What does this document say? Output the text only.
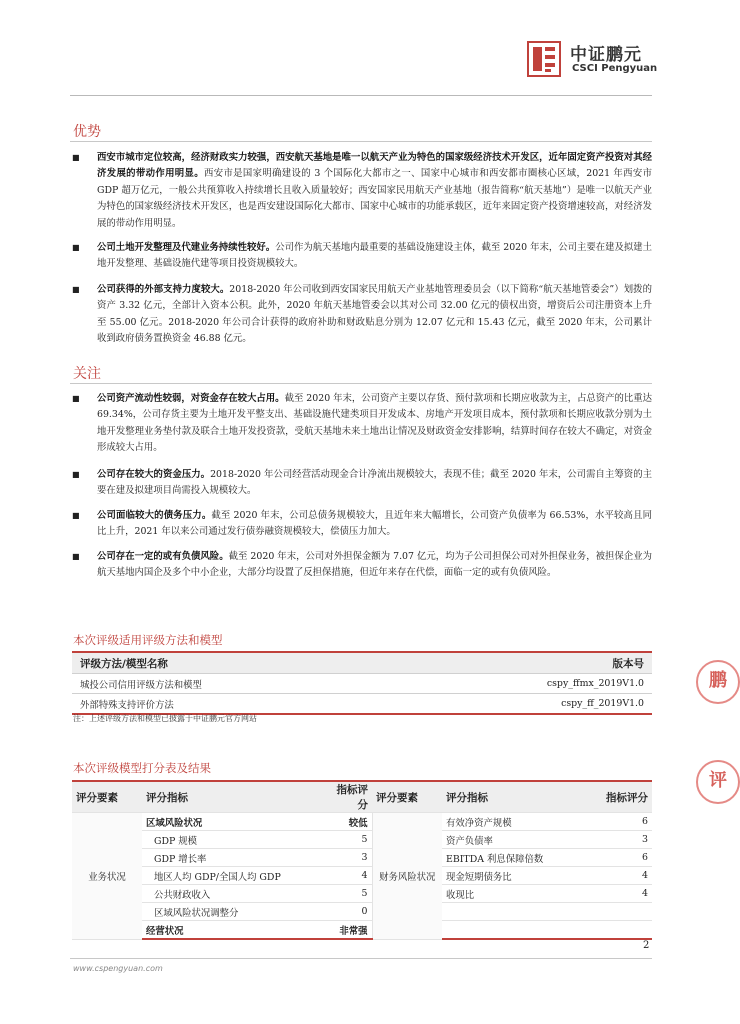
中证鹏元
CSCI Pengyuan
优势
■ 西安市城市定位较高，经济财政实力较强，西安航天基地是唯一以航天产业为特色的国家级经济技术开发区，近年固定资产投资对其经济发展的带动作用明显。西安市是国家明确建设的 3 个国际化大都市之一、国家中心城市和西安都市圈核心区域，2021 年西安市 GDP 超万亿元，一般公共预算收入持续增长且收入质量较好；西安国家民用航天产业基地（报告简称“航天基地”）是唯一以航天产业为特色的国家级经济技术开发区，也是西安建设国际化大都市、国家中心城市的功能承载区，近年来固定资产投资增速较高，对经济发展的带动作用明显。
■ 公司土地开发整理及代建业务持续性较好。公司作为航天基地内最重要的基础设施建设主体，截至 2020 年末，公司主要在建及拟建土地开发整理、基础设施代建等项目投资规模较大。
■ 公司获得的外部支持力度较大。2018-2020 年公司收到西安国家民用航天产业基地管理委员会（以下简称“航天基地管委会”）划拨的资产 3.32 亿元，全部计入资本公积。此外，2020 年航天基地管委会以其对公司 32.00 亿元的债权出资，增资后公司注册资本上升至 55.00 亿元。2018-2020 年公司合计获得的政府补助和财政贴息分别为 12.07 亿元和 15.43 亿元，截至 2020 年末，公司累计收到政府债务置换资金 46.88 亿元。
关注
■ 公司资产流动性较弱，对资金存在较大占用。截至 2020 年末，公司资产主要以存货、预付款项和长期应收款为主，占总资产的比重达 69.34%，公司存货主要为土地开发平整支出、基础设施代建类项目开发成本、房地产开发项目成本，预付款项和长期应收款分别为土地开发整理业务垫付款及联合土地开发投资款，受航天基地未来土地出让情况及财政资金安排影响，结算时间存在较大不确定，对资金形成较大占用。
■ 公司存在较大的资金压力。2018-2020 年公司经营活动现金合计净流出规模较大，表现不佳；截至 2020 年末，公司需自主筹资的主要在建及拟建项目尚需投入规模较大。
■ 公司面临较大的债务压力。截至 2020 年末，公司总债务规模较大，且近年来大幅增长，公司资产负债率为 66.53%，水平较高且同比上升，2021 年以来公司通过发行债券融资规模较大，偿债压力加大。
■ 公司存在一定的或有负债风险。截至 2020 年末，公司对外担保金额为 7.07 亿元，均为子公司担保公司对外担保业务，被担保企业为航天基地内国企及多个中小企业，大部分均设置了反担保措施，但近年来存在代偿，面临一定的或有负债风险。
本次评级适用评级方法和模型
评级方法/模型名称	版本号
城投公司信用评级方法和模型	cspy_ffmx_2019V1.0
外部特殊支持评价方法	cspy_ff_2019V1.0
注：上述评级方法和模型已披露于中证鹏元官方网站
本次评级模型打分表及结果
评分要素	评分指标	指标评分	评分要素	评分指标	指标评分
业务状况	区域风险状况	较低	财务风险状况	有效净资产规模	6
	GDP 规模	5		资产负债率	3
	GDP 增长率	3		EBITDA 利息保障倍数	6
	地区人均 GDP/全国人均 GDP	4		现金短期债务比	4
	公共财政收入	5		收现比	4
	区域风险状况调整分	0			
	经营状况	非常强			
鹏
评
2
www.cspengyuan.com
